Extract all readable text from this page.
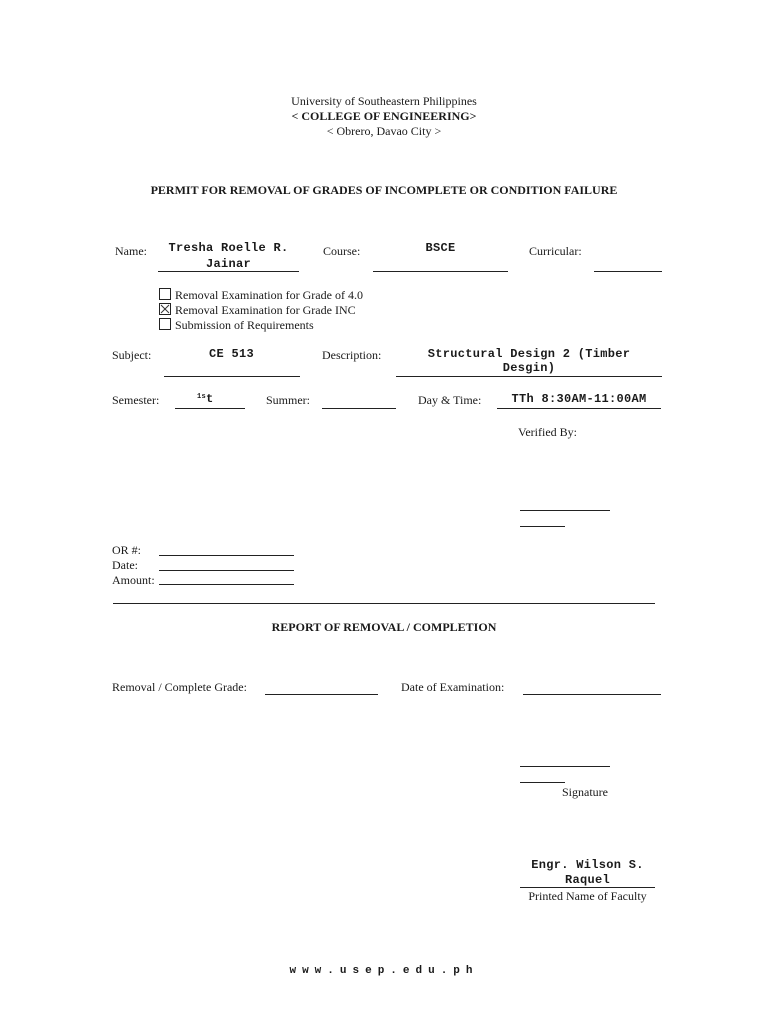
University of Southeastern Philippines
< COLLEGE OF ENGINEERING>
< Obrero, Davao City >
PERMIT FOR REMOVAL OF GRADES OF INCOMPLETE OR CONDITION FAILURE
Name:	Tresha Roelle R.
Jainar
Course:	BSCE	Curricular:
Removal Examination for Grade of 4.0
Removal Examination for Grade INC
Submission of Requirements
Subject:	CE 513	Description:	Structural Design 2 (Timber
Desgin)
Semester:	$^{1s}$t	Summer:	Day & Time:	TTh 8:30AM-11:00AM
Verified By:
OR #:
Date:
Amount:
REPORT OF REMOVAL / COMPLETION
Removal / Complete Grade:	Date of Examination:
Signature
Engr. Wilson S.
Raquel
Printed Name of Faculty
www.usep.edu.ph
